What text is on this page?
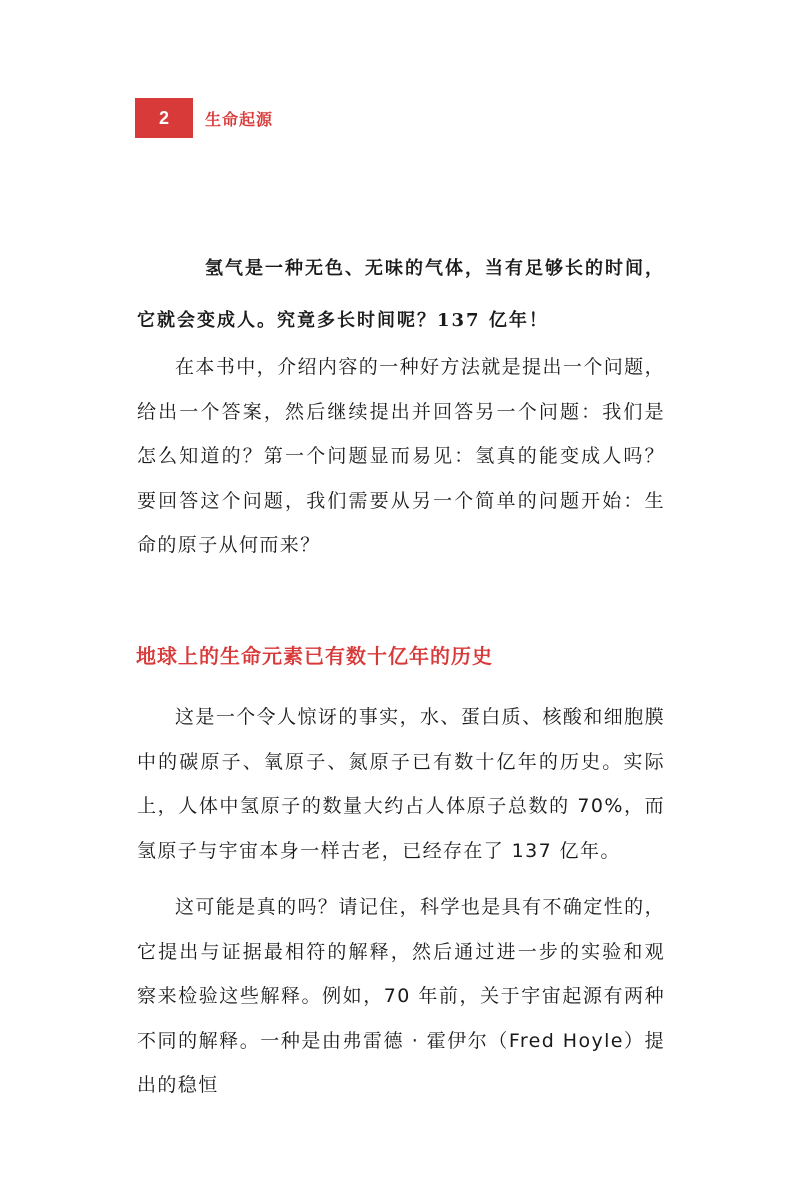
2 生命起源
氢气是一种无色、无味的气体，当有足够长的时间，它就会变成人。究竟多长时间呢？137 亿年！

在本书中，介绍内容的一种好方法就是提出一个问题，给出一个答案，然后继续提出并回答另一个问题：我们是怎么知道的？第一个问题显而易见：氢真的能变成人吗？要回答这个问题，我们需要从另一个简单的问题开始：生命的原子从何而来？

地球上的生命元素已有数十亿年的历史

这是一个令人惊讶的事实，水、蛋白质、核酸和细胞膜中的碳原子、氧原子、氮原子已有数十亿年的历史。实际上，人体中氢原子的数量大约占人体原子总数的 70%，而氢原子与宇宙本身一样古老，已经存在了 137 亿年。

这可能是真的吗？请记住，科学也是具有不确定性的，它提出与证据最相符的解释，然后通过进一步的实验和观察来检验这些解释。例如，70 年前，关于宇宙起源有两种不同的解释。一种是由弗雷德 · 霍伊尔（Fred Hoyle）提出的稳恒
